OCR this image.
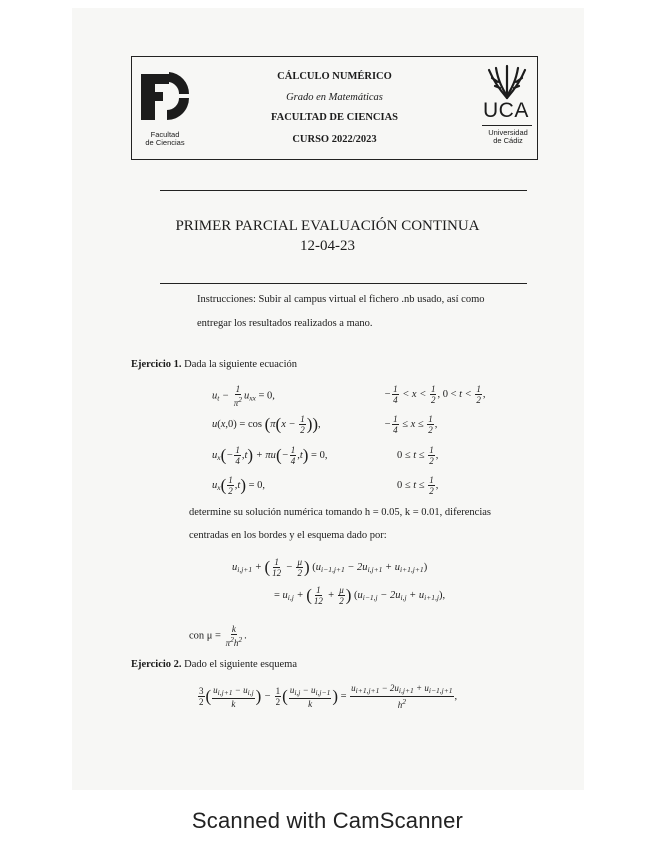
Facultad
de Ciencias
CÁLCULO NUMÉRICO
Grado en Matemáticas
FACULTAD DE CIENCIAS
CURSO 2022/2023
UCA
Universidad
de Cádiz
PRIMER PARCIAL EVALUACIÓN CONTINUA
12-04-23
Instrucciones: Subir al campus virtual el fichero .nb usado, así como
entregar los resultados realizados a mano.
Ejercicio 1. Dada la siguiente ecuación
$u_t - \frac{1}{\pi^2} u_{xx} = 0$,
$u(x,0) = \cos (\pi(x - \frac{1}{2}$ )),
$u_x(- \frac{1}{4} ,t) + \pi u(- \frac{1}{4} ,t) = 0$,
$u_x( \frac{1}{2} ,t) = 0$,
− $\frac{1}{4} < x < \frac{1}{2}$ , $0 < t < \frac{1}{2}$ ,
− $\frac{1}{4} \le x \le \frac{1}{2}$ ,
$0 \le t \le \frac{1}{2}$ ,
$0 \le t \le \frac{1}{2}$ ,
determine su solución numérica tomando h = 0.05, k = 0.01, diferencias
centradas en los bordes y el esquema dado por:
$u_{i,j+1}$ + ( $\frac{1}{12} - \frac{\mu}{2}$ ) $(u_{i-1,j+1} - 2u_{i,j+1} + u_{i+1,j+1})$
= $u_{i,j}$ + ( $\frac{1}{12} + \frac{\mu}{2}$ ) $(u_{i-1,j} - 2u_{i,j} + u_{i+1,j})$,
con $\mu = \frac{k}{\pi^2h^2}$ .
Ejercicio 2. Dado el siguiente esquema
$\frac{3}{2}$ ( $\frac{u_{i,j+1} - u_{i,j}}{k}$ ) − $\frac{1}{2}$ ( $\frac{u_{i,j} - u_{i,j-1}}{k}$ ) = $\frac{u_{i+1,j+1} - 2u_{i,j+1} + u_{i-1,j+1}}{h^2}$ ,
Scanned with CamScanner
